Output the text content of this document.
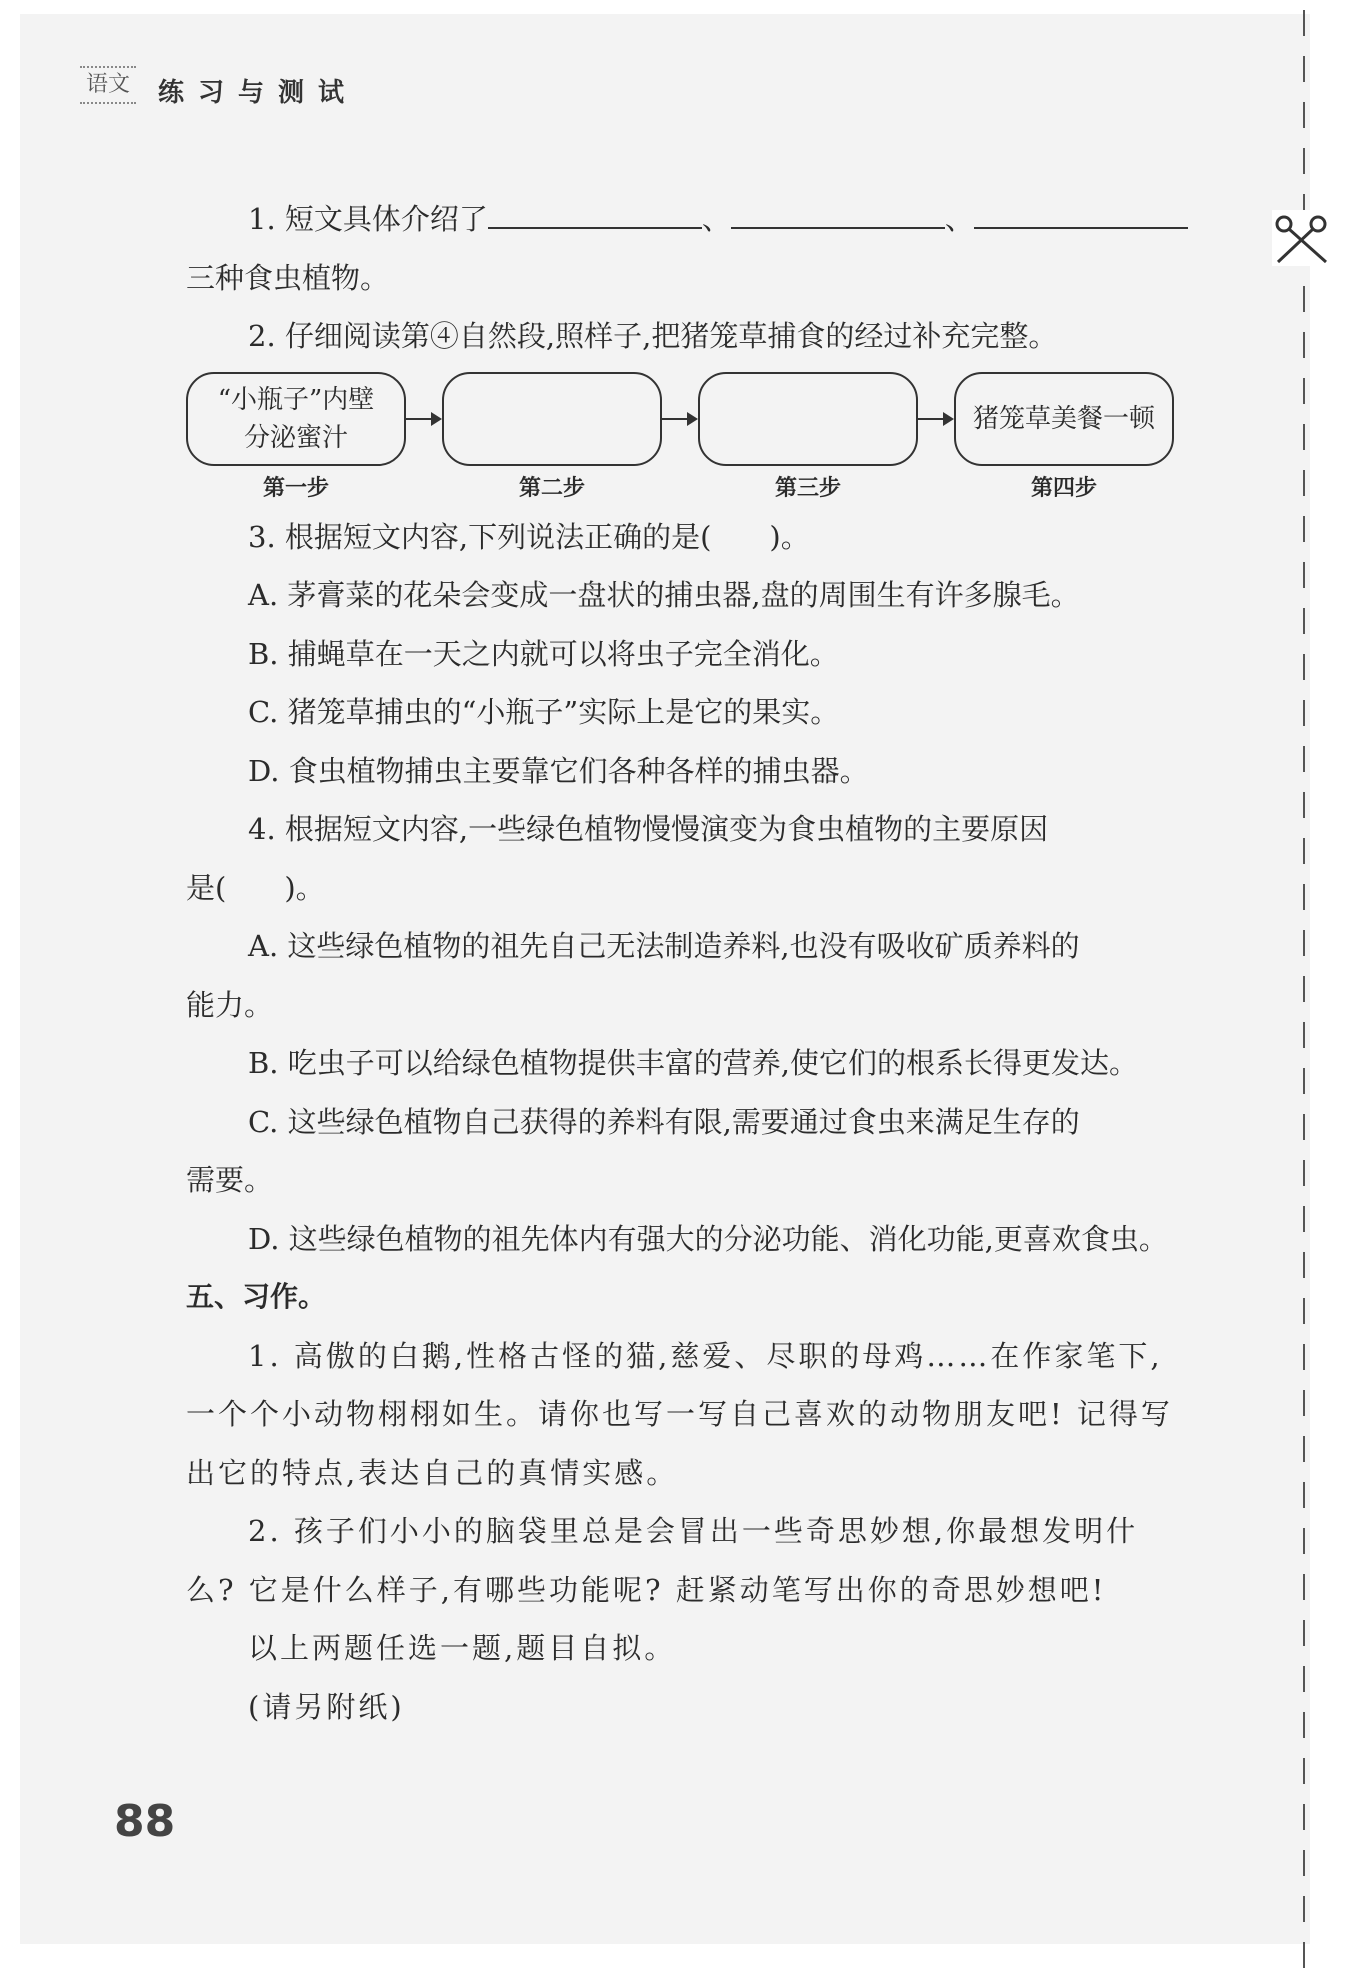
语文 练习与测试

1. 短文具体介绍了	、	、

三种食虫植物。

2. 仔细阅读第④自然段,照样子,把猪笼草捕食的经过补充完整。

“小瓶子”内壁
分泌蜜汁
猪笼草美餐一顿
第一步	第二步	第三步	第四步

3. 根据短文内容,下列说法正确的是(　　)。

A. 茅膏菜的花朵会变成一盘状的捕虫器,盘的周围生有许多腺毛。

B. 捕蝇草在一天之内就可以将虫子完全消化。

C. 猪笼草捕虫的“小瓶子”实际上是它的果实。

D. 食虫植物捕虫主要靠它们各种各样的捕虫器。

4. 根据短文内容,一些绿色植物慢慢演变为食虫植物的主要原因

是(　　)。

A. 这些绿色植物的祖先自己无法制造养料,也没有吸收矿质养料的

能力。

B. 吃虫子可以给绿色植物提供丰富的营养,使它们的根系长得更发达。

C. 这些绿色植物自己获得的养料有限,需要通过食虫来满足生存的

需要。

D. 这些绿色植物的祖先体内有强大的分泌功能、消化功能,更喜欢食虫。

五、习作。

1. 高傲的白鹅,性格古怪的猫,慈爱、尽职的母鸡……在作家笔下,

一个个小动物栩栩如生。请你也写一写自己喜欢的动物朋友吧! 记得写

出它的特点,表达自己的真情实感。

2. 孩子们小小的脑袋里总是会冒出一些奇思妙想,你最想发明什

么? 它是什么样子,有哪些功能呢? 赶紧动笔写出你的奇思妙想吧!

以上两题任选一题,题目自拟。

(请另附纸)

88
